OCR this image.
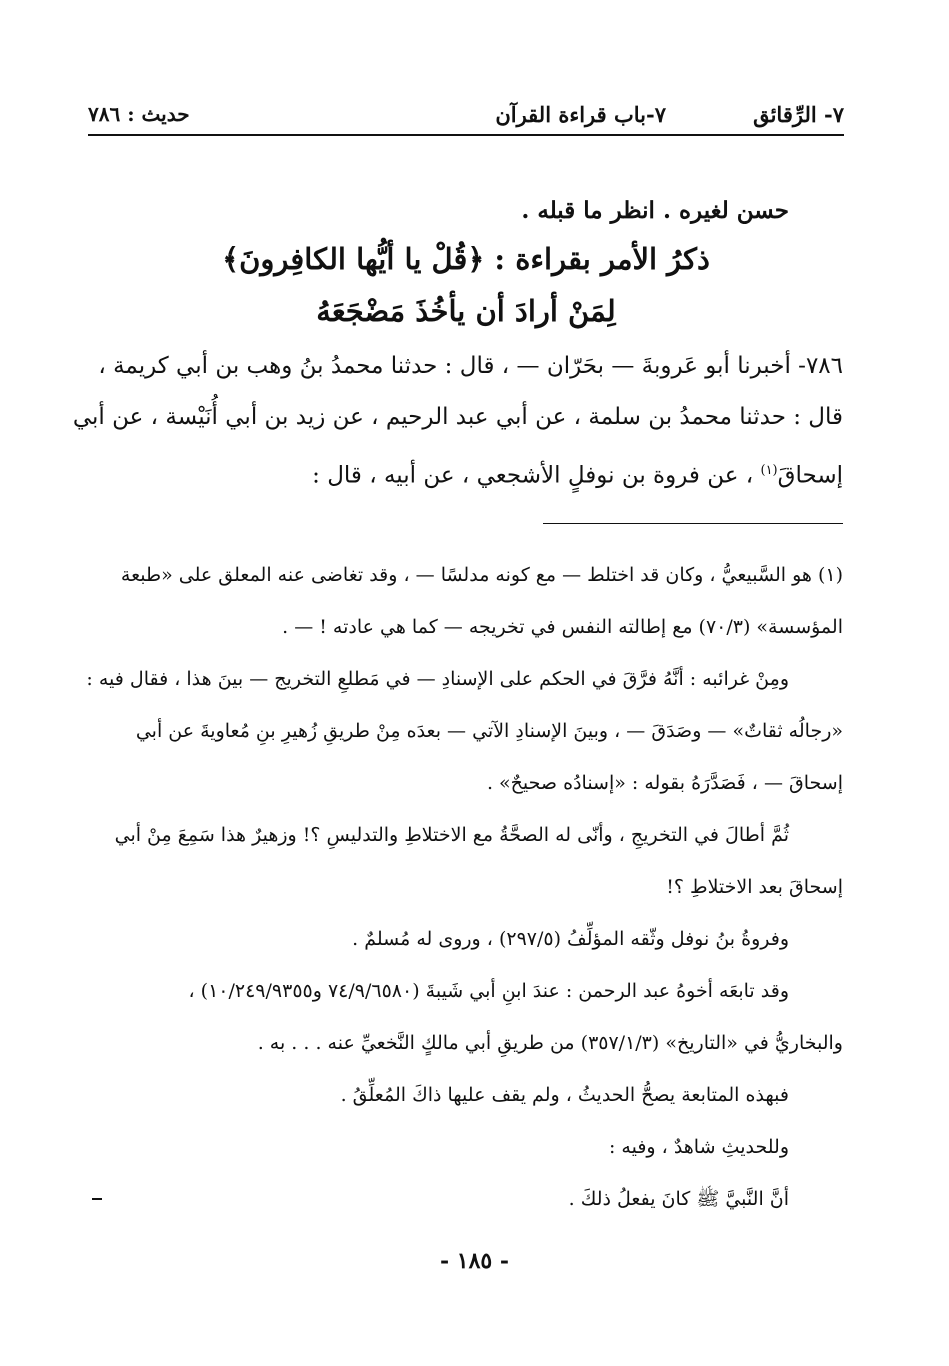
٧- الرِّقائق
٧-باب قراءة القرآن
حديث : ٧٨٦
حسن لغيره . انظر ما قبله .
ذكرُ الأمر بقراءة : ﴿قُلْ يا أيُّها الكافِرونَ﴾
لِمَنْ أرادَ أن يأخُذَ مَضْجَعَهُ
٧٨٦- أخبرنا أبو عَروبةَ — بحَرّان — ، قال : حدثنا محمدُ بنُ وهب بن أبي كريمة ،
قال : حدثنا محمدُ بن سلمة ، عن أبي عبد الرحيم ، عن زيد بن أبي أُنَيْسة ، عن أبي
إسحاقَ$^{(١)}$ ، عن فروة بن نوفلٍ الأشجعي ، عن أبيه ، قال :
(١) هو السَّبيعيُّ ، وكان قد اختلط — مع كونه مدلسًا — ، وقد تغاضى عنه المعلق على «طبعة
المؤسسة» (٧٠/٣) مع إطالته النفس في تخريجه — كما هي عادته ! — .
ومِنْ غرائبه : أنَّهُ فرَّقَ في الحكم على الإسنادِ — في مَطلعِ التخريج — بينَ هذا ، فقال فيه :
«رجالُه ثقاتٌ» — وصَدَقَ — ، وبينَ الإسنادِ الآتي — بعدَه مِنْ طريقِ زُهيرِ بنِ مُعاويةَ عن أبي
إسحاقَ — ، فَصَدَّرَهُ بقوله : «إسنادُه صحيحٌ» .
ثُمَّ أطالَ في التخريجِ ، وأنّى له الصحَّةُ مع الاختلاطِ والتدليسِ ؟! وزهيرٌ هذا سَمِعَ مِنْ أبي
إسحاقَ بعد الاختلاطِ ؟!
وفروةُ بنُ نوفل وثّقه المؤلِّفُ (٢٩٧/٥) ، وروى له مُسلمٌ .
وقد تابعَه أخوهُ عبد الرحمن : عندَ ابنِ أبي شَيبةَ (٧٤/٩/٦٥٨٠ و١٠/٢٤٩/٩٣٥٥) ،
والبخاريُّ في «التاريخ» (٣٥٧/١/٣) من طريقِ أبي مالكٍ النَّخعيِّ عنه . . . به .
فبهذه المتابعة يصحُّ الحديثُ ، ولم يقف عليها ذاكَ المُعلِّقُ .
وللحديثِ شاهدٌ ، وفيه :
أنَّ النَّبيَّ ﷺ كانَ يفعلُ ذلكَ .
- ١٨٥ -
